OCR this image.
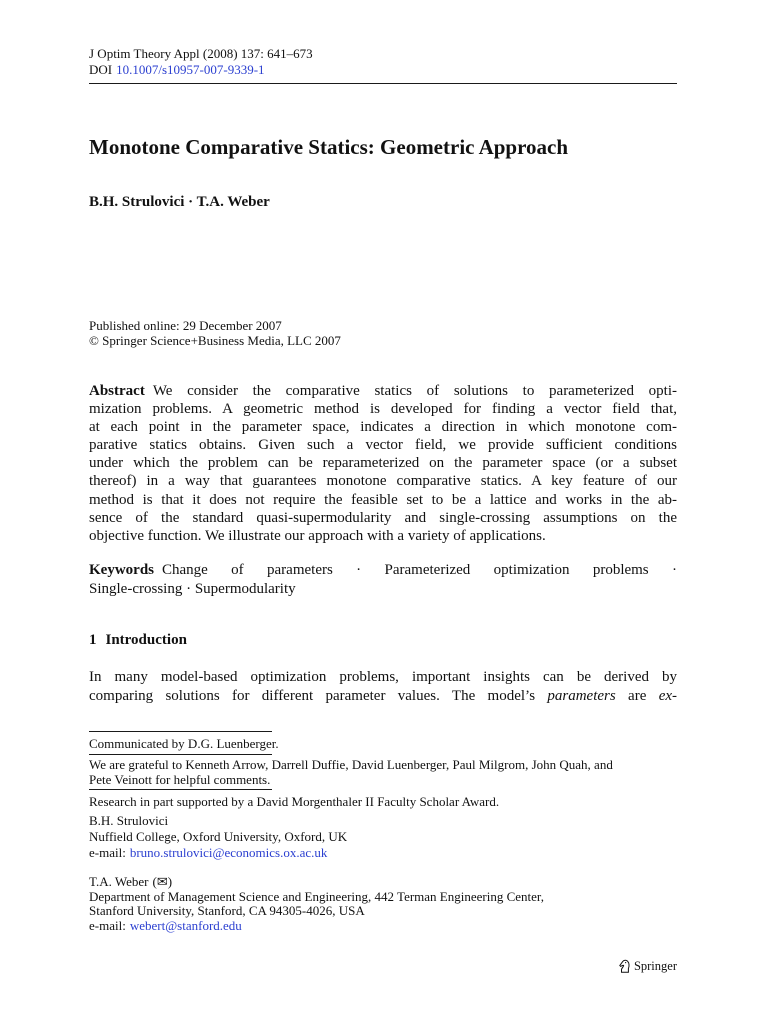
J Optim Theory Appl (2008) 137: 641–673
DOI 10.1007/s10957-007-9339-1
Monotone Comparative Statics: Geometric Approach
B.H. Strulovici · T.A. Weber
Published online: 29 December 2007
© Springer Science+Business Media, LLC 2007
Abstract We consider the comparative statics of solutions to parameterized opti-
mization problems. A geometric method is developed for finding a vector field that,
at each point in the parameter space, indicates a direction in which monotone com-
parative statics obtains. Given such a vector field, we provide sufficient conditions
under which the problem can be reparameterized on the parameter space (or a subset
thereof) in a way that guarantees monotone comparative statics. A key feature of our
method is that it does not require the feasible set to be a lattice and works in the ab-
sence of the standard quasi-supermodularity and single-crossing assumptions on the
objective function. We illustrate our approach with a variety of applications.
Keywords Change of parameters · Parameterized optimization problems ·
Single-crossing · Supermodularity
1 Introduction
In many model-based optimization problems, important insights can be derived by
comparing solutions for different parameter values. The model’s parameters are ex-
Communicated by D.G. Luenberger.
We are grateful to Kenneth Arrow, Darrell Duffie, David Luenberger, Paul Milgrom, John Quah, and
Pete Veinott for helpful comments.
Research in part supported by a David Morgenthaler II Faculty Scholar Award.
B.H. Strulovici
Nuffield College, Oxford University, Oxford, UK
e-mail: bruno.strulovici@economics.ox.ac.uk
T.A. Weber (✉)
Department of Management Science and Engineering, 442 Terman Engineering Center,
Stanford University, Stanford, CA 94305-4026, USA
e-mail: webert@stanford.edu
Springer
